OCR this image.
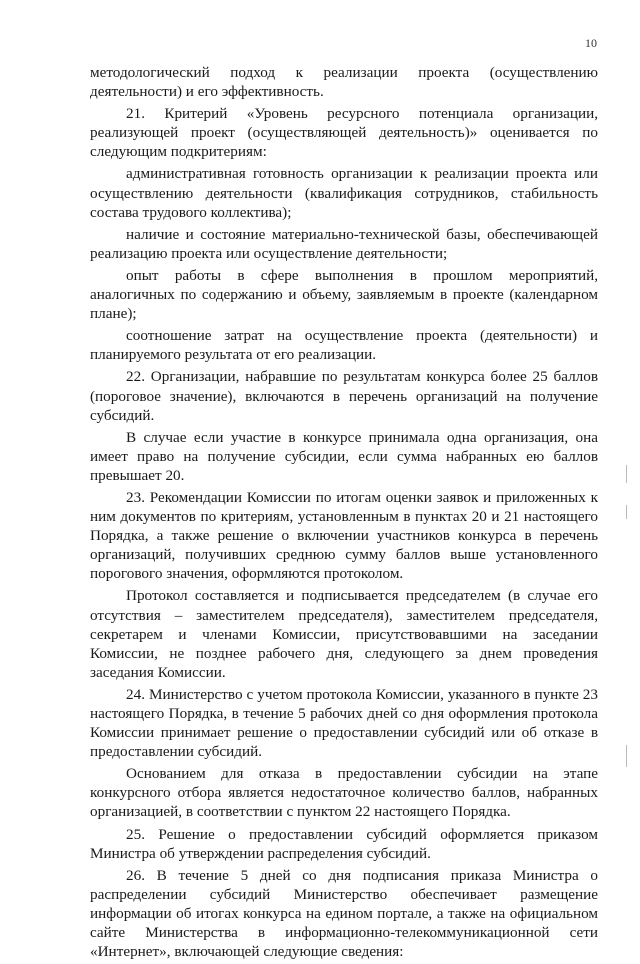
10

методологический подход к реализации проекта (осуществлению деятельности) и его эффективность.

21. Критерий «Уровень ресурсного потенциала организации, реализующей проект (осуществляющей деятельность)» оценивается по следующим подкритериям:

административная готовность организации к реализации проекта или осуществлению деятельности (квалификация сотрудников, стабильность состава трудового коллектива);

наличие и состояние материально-технической базы, обеспечивающей реализацию проекта или осуществление деятельности;

опыт работы в сфере выполнения в прошлом мероприятий, аналогичных по содержанию и объему, заявляемым в проекте (календарном плане);

соотношение затрат на осуществление проекта (деятельности) и планируемого результата от его реализации.

22. Организации, набравшие по результатам конкурса более 25 баллов (пороговое значение), включаются в перечень организаций на получение субсидий.

В случае если участие в конкурсе принимала одна организация, она имеет право на получение субсидии, если сумма набранных ею баллов превышает 20.

23. Рекомендации Комиссии по итогам оценки заявок и приложенных к ним документов по критериям, установленным в пунктах 20 и 21 настоящего Порядка, а также решение о включении участников конкурса в перечень организаций, получивших среднюю сумму баллов выше установленного порогового значения, оформляются протоколом.

Протокол составляется и подписывается председателем (в случае его отсутствия – заместителем председателя), заместителем председателя, секретарем и членами Комиссии, присутствовавшими на заседании Комиссии, не позднее рабочего дня, следующего за днем проведения заседания Комиссии.

24. Министерство с учетом протокола Комиссии, указанного в пункте 23 настоящего Порядка, в течение 5 рабочих дней со дня оформления протокола Комиссии принимает решение о предоставлении субсидий или об отказе в предоставлении субсидий.

Основанием для отказа в предоставлении субсидии на этапе конкурсного отбора является недостаточное количество баллов, набранных организацией, в соответствии с пунктом 22 настоящего Порядка.

25. Решение о предоставлении субсидий оформляется приказом Министра об утверждении распределения субсидий.

26. В течение 5 дней со дня подписания приказа Министра о распределении субсидий Министерство обеспечивает размещение информации об итогах конкурса на едином портале, а также на официальном сайте Министерства в информационно-телекоммуникационной сети «Интернет», включающей следующие сведения:
